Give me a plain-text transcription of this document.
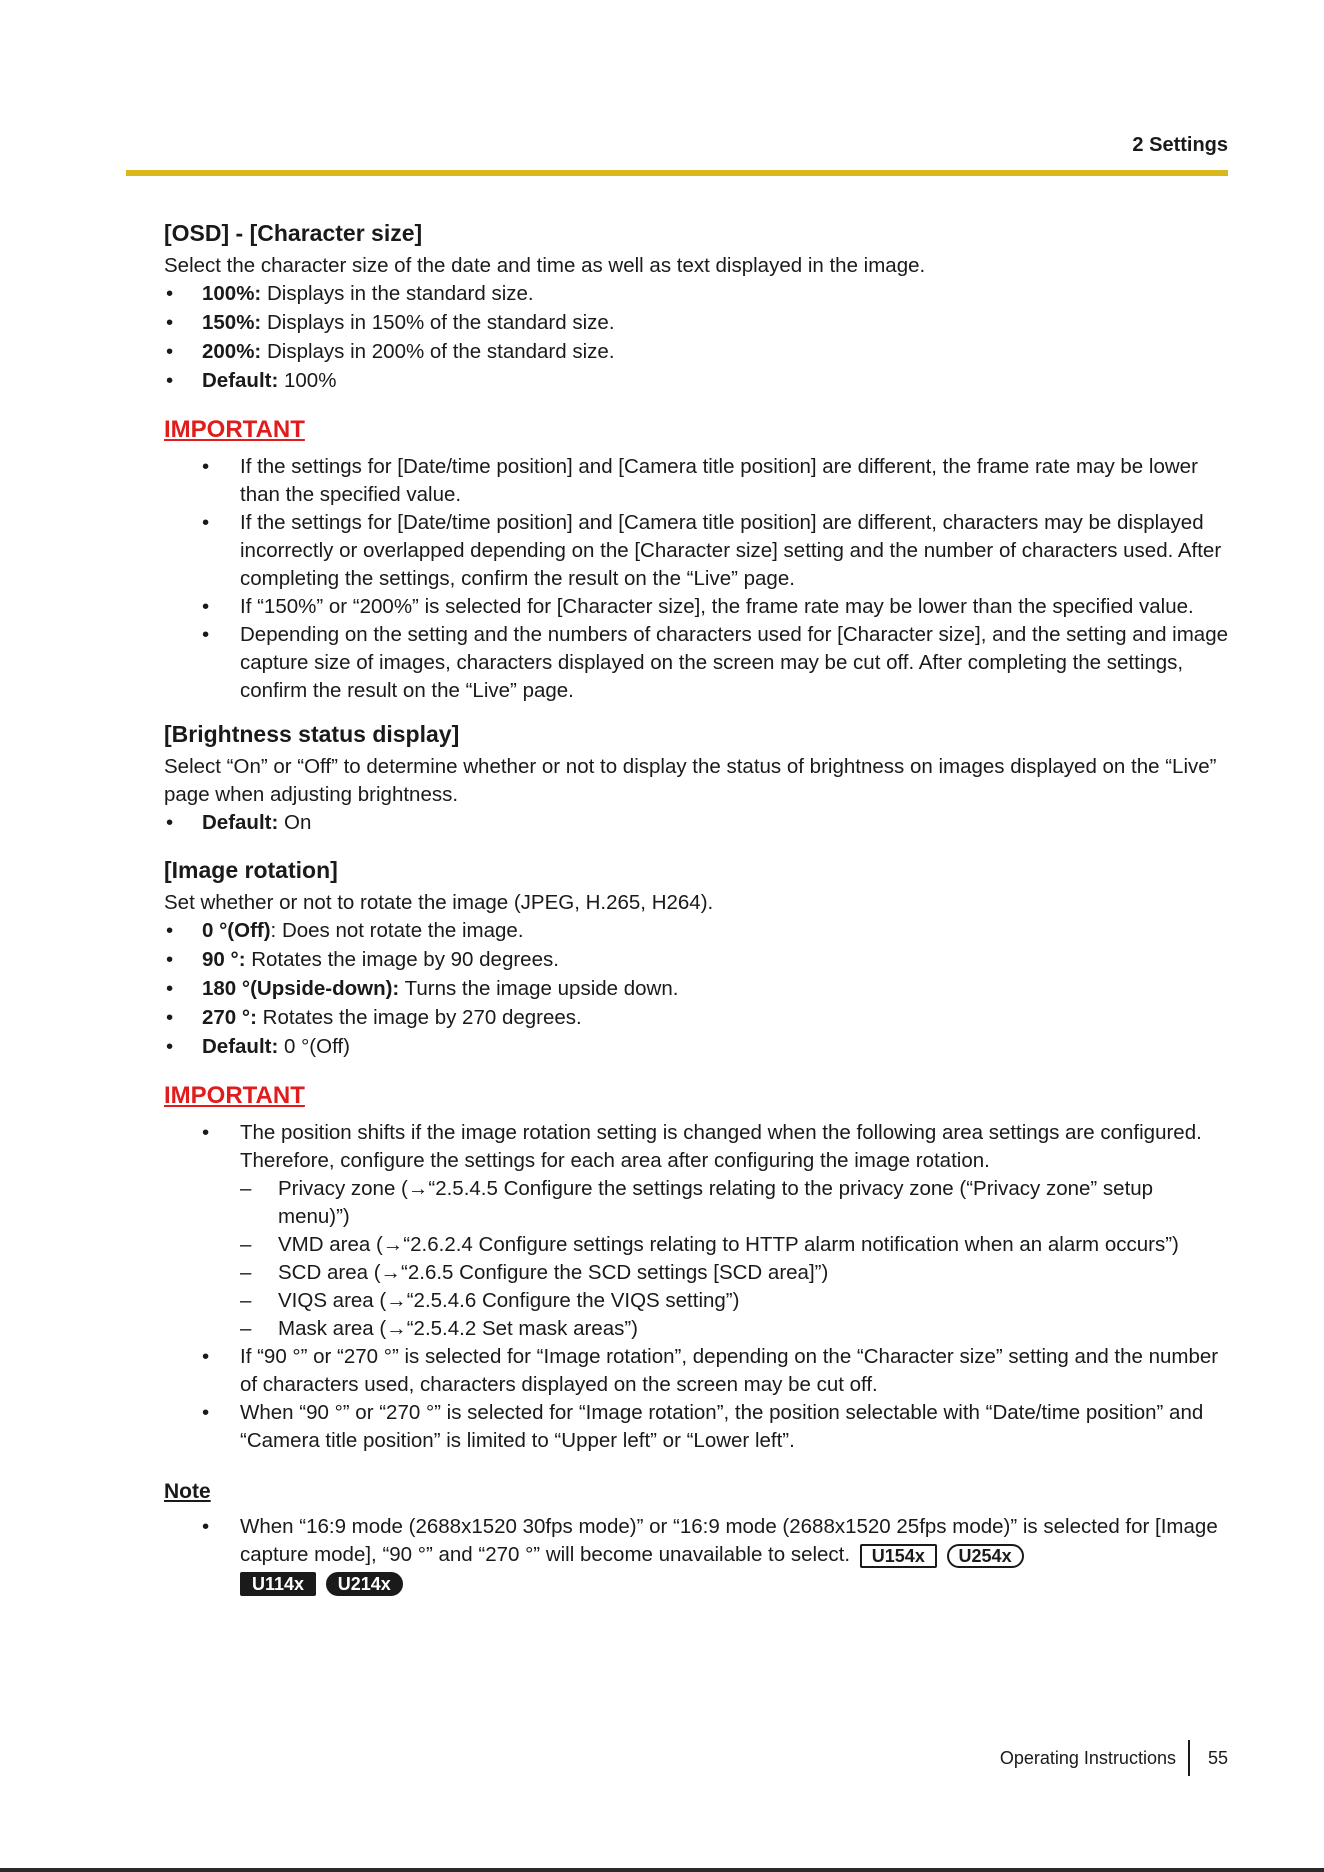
2 Settings
[OSD] - [Character size]

Select the character size of the date and time as well as text displayed in the image.

• 100%: Displays in the standard size.
• 150%: Displays in 150% of the standard size.
• 200%: Displays in 200% of the standard size.
• Default: 100%
IMPORTANT
• If the settings for [Date/time position] and [Camera title position] are different, the frame rate may be lower than the specified value.
• If the settings for [Date/time position] and [Camera title position] are different, characters may be displayed incorrectly or overlapped depending on the [Character size] setting and the number of characters used. After completing the settings, confirm the result on the “Live” page.
• If “150%” or “200%” is selected for [Character size], the frame rate may be lower than the specified value.
• Depending on the setting and the numbers of characters used for [Character size], and the setting and image capture size of images, characters displayed on the screen may be cut off. After completing the settings, confirm the result on the “Live” page.
[Brightness status display]

Select “On” or “Off” to determine whether or not to display the status of brightness on images displayed on the “Live” page when adjusting brightness.

• Default: On
[Image rotation]

Set whether or not to rotate the image (JPEG, H.265, H264).

• 0 °(Off): Does not rotate the image.
• 90 °: Rotates the image by 90 degrees.
• 180 °(Upside-down): Turns the image upside down.
• 270 °: Rotates the image by 270 degrees.
• Default: 0 °(Off)
IMPORTANT
• The position shifts if the image rotation setting is changed when the following area settings are configured. Therefore, configure the settings for each area after configuring the image rotation.
– Privacy zone (→“2.5.4.5 Configure the settings relating to the privacy zone (“Privacy zone” setup menu)”)
– VMD area (→“2.6.2.4 Configure settings relating to HTTP alarm notification when an alarm occurs”)
– SCD area (→“2.6.5 Configure the SCD settings [SCD area]”)
– VIQS area (→“2.5.4.6 Configure the VIQS setting”)
– Mask area (→“2.5.4.2 Set mask areas”)
• If “90 °” or “270 °” is selected for “Image rotation”, depending on the “Character size” setting and the number of characters used, characters displayed on the screen may be cut off.
• When “90 °” or “270 °” is selected for “Image rotation”, the position selectable with “Date/time position” and “Camera title position” is limited to “Upper left” or “Lower left”.
Note
• When “16:9 mode (2688x1520 30fps mode)” or “16:9 mode (2688x1520 25fps mode)” is selected for [Image capture mode], “90 °” and “270 °” will become unavailable to select. U154x U254x
U114x U214x
Operating Instructions 55
